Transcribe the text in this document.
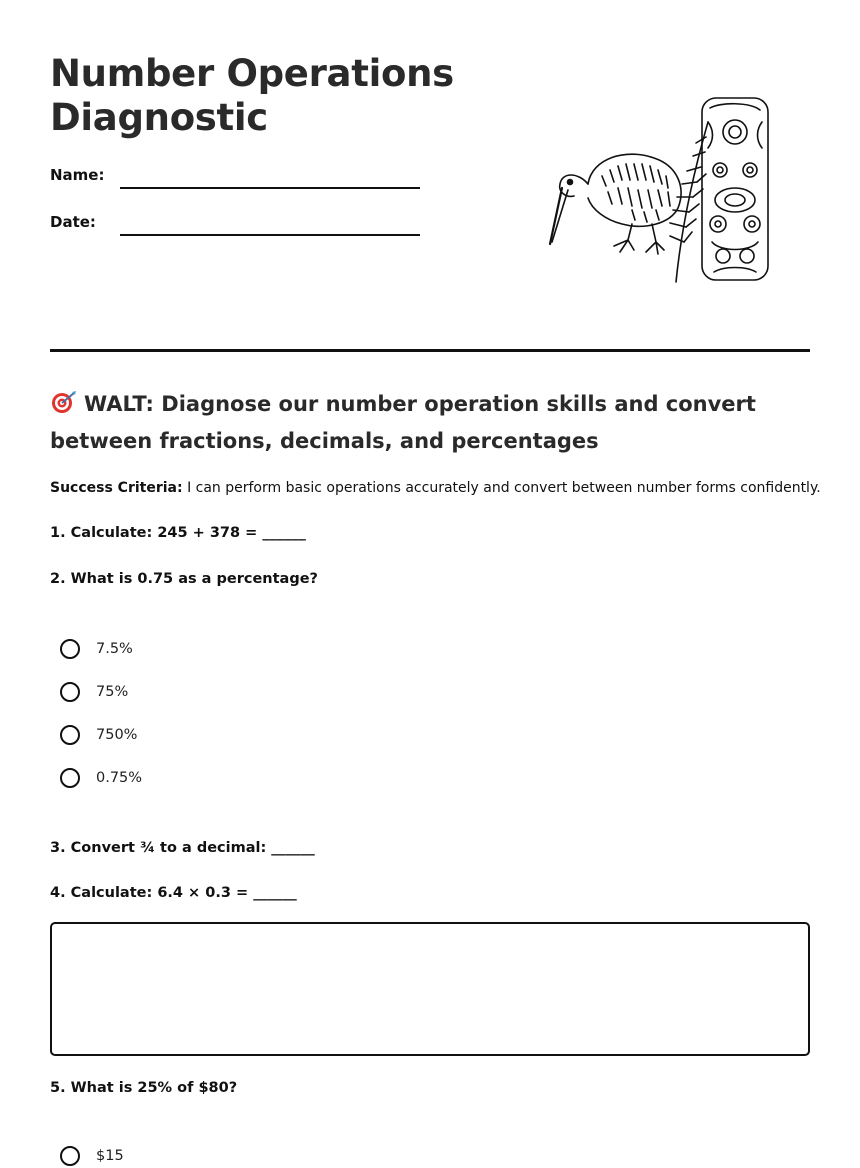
Number Operations
Diagnostic
Name:
Date:
WALT: Diagnose our number operation skills and convert between fractions, decimals, and percentages
Success Criteria: I can perform basic operations accurately and convert between number forms confidently.
1. Calculate: 245 + 378 = ______
2. What is 0.75 as a percentage?
7.5%
75%
750%
0.75%
3. Convert ¾ to a decimal: ______
4. Calculate: 6.4 × 0.3 = ______
5. What is 25% of $80?
$15
